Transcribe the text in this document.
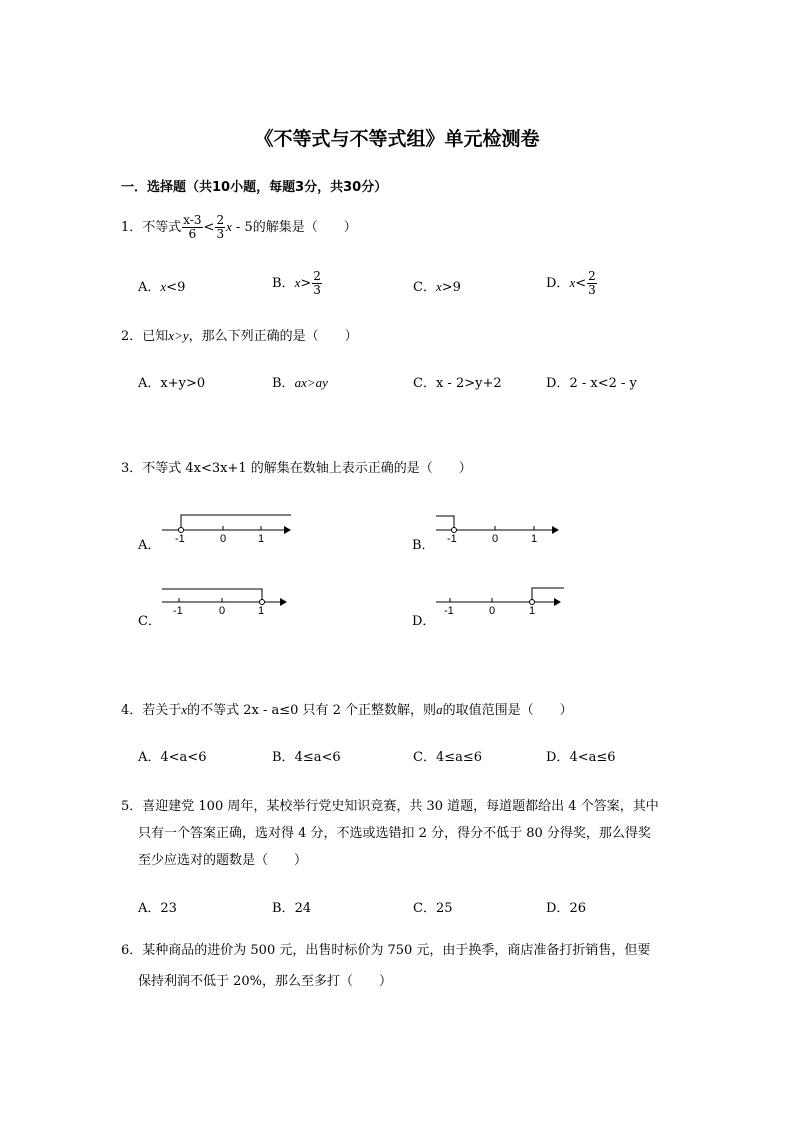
《不等式与不等式组》单元检测卷
一．选择题（共10小题，每题3分，共30分）
1．不等式 $\frac{x-3}{6} < \frac{2}{3}$ x - 5的解集是（　　）
A．x<9	B．$x> \frac{2}{3}$	C．x>9	D．$x< \frac{2}{3}$
2．已知x>y，那么下列正确的是（　　）
A．x+y>0	B．ax>ay	C．x - 2>y+2	D．2 - x<2 - y
3．不等式 4x<3x+1 的解集在数轴上表示正确的是（　　）
A． -1	0	1	B． -1	0	1
C．
-1	0	1
D．
-1	0	1
4．若关于x的不等式 2x - a≤0 只有 2 个正整数解，则a的取值范围是（　　）
A．4<a<6	B．4≤a<6	C．4≤a≤6	D．4<a≤6
5．喜迎建党 100 周年，某校举行党史知识竞赛，共 30 道题，每道题都给出 4 个答案，其中
只有一个答案正确，选对得 4 分，不选或选错扣 2 分，得分不低于 80 分得奖，那么得奖
至少应选对的题数是（　　）
A．23	B．24	C．25	D．26
6．某种商品的进价为 500 元，出售时标价为 750 元，由于换季，商店准备打折销售，但要
保持利润不低于 20%，那么至多打（　　）
